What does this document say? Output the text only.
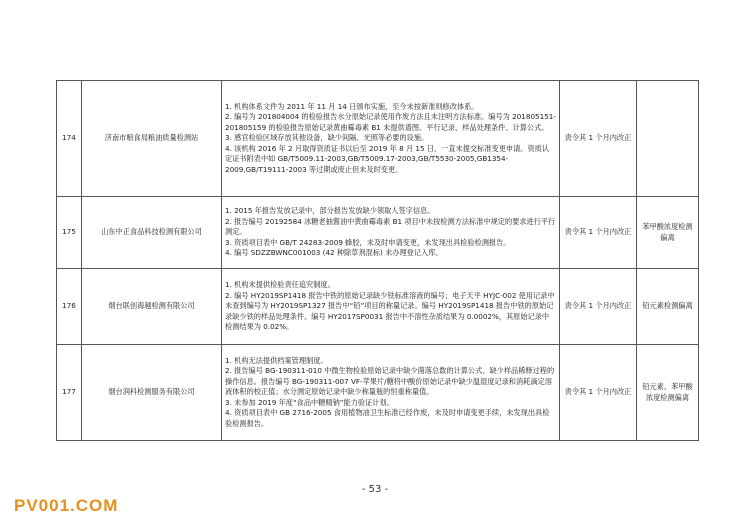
174	济南市粮食局粮油质量检测站	1. 机构体系文件为 2011 年 11 月 14 日颁布实施，至今未按新准则修改体系。
2. 编号为 201804004 的检验报告水分原始记录使用作废方法且未注明方法标准。编号为 201805151-201805159 的检验报告原始记录黄曲霉毒素 B1 未提供谱图、平行记录、样品处理条件、计算公式。
3. 感官检验区域存放其他设备，缺少间隔、光照等必要的设施。
4. 该机构 2016 年 2 月取得资质证书以后至 2019 年 8 月 15 日，一直未提交标准变更申请。资质认定证书附表中如 GB/T5009.11-2003,GB/T5009.17-2003,GB/T5530-2005,GB1354-2009,GB/T19111-2003 等过期或废止但未及时变更。	责令其 1 个月内改正	
175	山东中正食品科技检测有限公司	1. 2015 年报告发放记录中，部分报告发放缺少领取人签字信息。
2. 报告编号 20192584 冰糖老抽酱油中黄曲霉毒素 B1 项目中未按检测方法标准中规定的要求进行平行测定。
3. 资质项目表中 GB/T 24283-2009 蜂胶，未及时申请变更，未发现出具检验检测报告。
4. 编号 SDZZBWNC001003 (42 种除草剂混标) 未办理登记入库。	责令其 1 个月内改正	苯甲酸浓度检测偏离
176	烟台联创海越检测有限公司	1. 机构未提供检验责任追究制度。
2. 编号 HY2019SP1418 报告中铁的原始记录缺少铁标准溶液的编号；电子天平 HYJC-002 使用记录中未查到编号为 HY2019SP1327 报告中“铅”项目的称量记录。编号 HY2019SP1418 报告中铁的原始记录缺少铁的样品处理条件。编号 HY2017SP0031 报告中不溶性杂质结果为 0.0002%，其原始记录中检测结果为 0.02%。	责令其 1 个月内改正	铅元素检测偏离
177	烟台润科检测服务有限公司	1. 机构无法提供档案管理制度。
2. 报告编号 BG-190311-010 中微生物检验原始记录中缺少菌落总数的计算公式、缺少样品稀释过程的操作信息。报告编号 BG-190311-007 VF-苹果片/糖将中酸价原始记录中缺少温湿度记录和消耗滴定溶液体积的校正值；水分测定原始记录中缺少称量瓶的恒重称量值。
3. 未参加 2019 年度“食品中糖精钠”能力验证计划。
4. 资质项目表中 GB 2716-2005 食用植物油卫生标准已经作废，未及时申请变更手续，未发现出具检验检测报告。	责令其 1 个月内改正	铅元素、苯甲酸浓度检测偏离
- 53 -
PV001.COM
